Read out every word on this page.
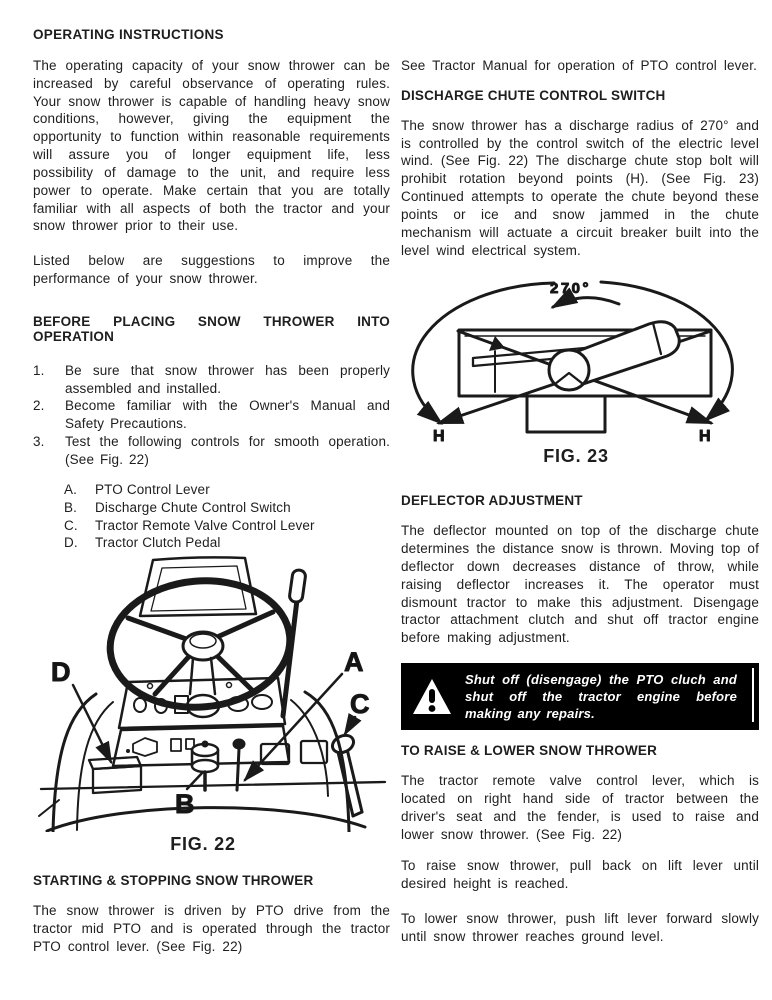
OPERATING INSTRUCTIONS

The operating capacity of your snow thrower can be increased by careful observance of operating rules. Your snow thrower is capable of handling heavy snow conditions, however, giving the equipment the opportunity to function within reasonable requirements will assure you of longer equipment life, less possibility of damage to the unit, and require less power to operate. Make certain that you are totally familiar with all aspects of both the tractor and your snow thrower prior to their use.

Listed below are suggestions to improve the performance of your snow thrower.

BEFORE PLACING SNOW THROWER INTO OPERATION
1.	Be sure that snow thrower has been properly assembled and installed.
2.	Become familiar with the Owner's Manual and Safety Precautions.
3.	Test the following controls for smooth operation. (See Fig. 22)
A.	PTO Control Lever
B.	Discharge Chute Control Switch
C.	Tractor Remote Valve Control Lever
D.	Tractor Clutch Pedal
D	A
C
B
FIG. 22
STARTING & STOPPING SNOW THROWER

The snow thrower is driven by PTO drive from the tractor mid PTO and is operated through the tractor PTO control lever. (See Fig. 22)

See Tractor Manual for operation of PTO control lever.

DISCHARGE CHUTE CONTROL SWITCH

The snow thrower has a discharge radius of 270° and is controlled by the control switch of the electric level wind. (See Fig. 22) The discharge chute stop bolt will prohibit rotation beyond points (H). (See Fig. 23) Continued attempts to operate the chute beyond these points or ice and snow jammed in the chute mechanism will actuate a circuit breaker built into the level wind electrical system.

270°
H	H
FIG. 23
DEFLECTOR ADJUSTMENT

The deflector mounted on top of the discharge chute determines the distance snow is thrown. Moving top of deflector down decreases distance of throw, while raising deflector increases it. The operator must dismount tractor to make this adjustment. Disengage tractor attachment clutch and shut off tractor engine before making adjustment.

Shut off (disengage) the PTO cluch and shut off the tractor engine before making any repairs.
TO RAISE & LOWER SNOW THROWER

The tractor remote valve control lever, which is located on right hand side of tractor between the driver's seat and the fender, is used to raise and lower snow thrower. (See Fig. 22)

To raise snow thrower, pull back on lift lever until desired height is reached.

To lower snow thrower, push lift lever forward slowly until snow thrower reaches ground level.
